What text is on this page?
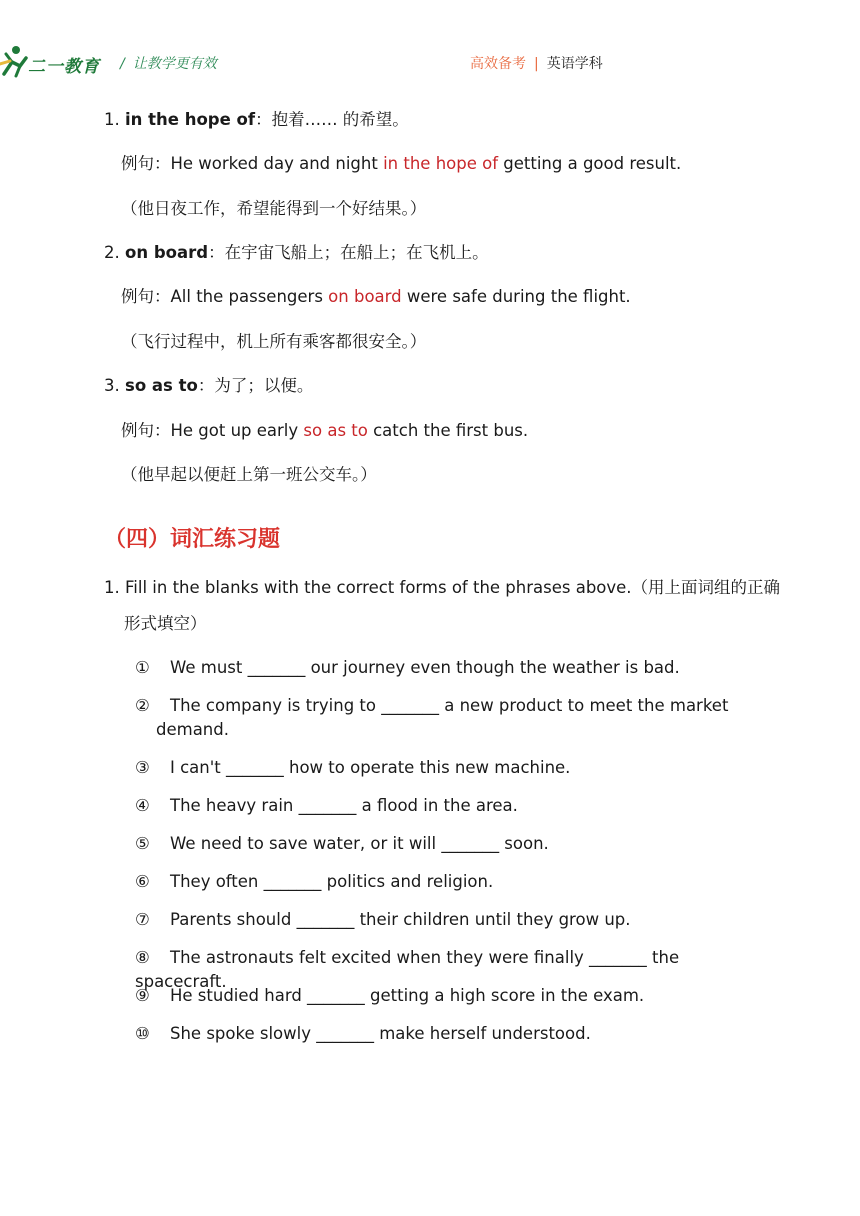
二一教育 / 让教学更有效	高效备考 | 英语学科
1. in the hope of：抱着…… 的希望。
例句：He worked day and night in the hope of getting a good result.
（他日夜工作，希望能得到一个好结果。）
2. on board：在宇宙飞船上；在船上；在飞机上。
例句：All the passengers on board were safe during the flight.
（飞行过程中，机上所有乘客都很安全。）
3. so as to：为了；以便。
例句：He got up early so as to catch the first bus.
（他早起以便赶上第一班公交车。）
（四）词汇练习题
1. Fill in the blanks with the correct forms of the phrases above.（用上面词组的正确
形式填空）
① We must _______ our journey even though the weather is bad.
② The company is trying to _______ a new product to meet the market
demand.
③ I can't _______ how to operate this new machine.
④ The heavy rain _______ a flood in the area.
⑤ We need to save water, or it will _______ soon.
⑥ They often _______ politics and religion.
⑦ Parents should _______ their children until they grow up.
⑧ The astronauts felt excited when they were finally _______ the spacecraft.
⑨ He studied hard _______ getting a high score in the exam.
⑩ She spoke slowly _______ make herself understood.
